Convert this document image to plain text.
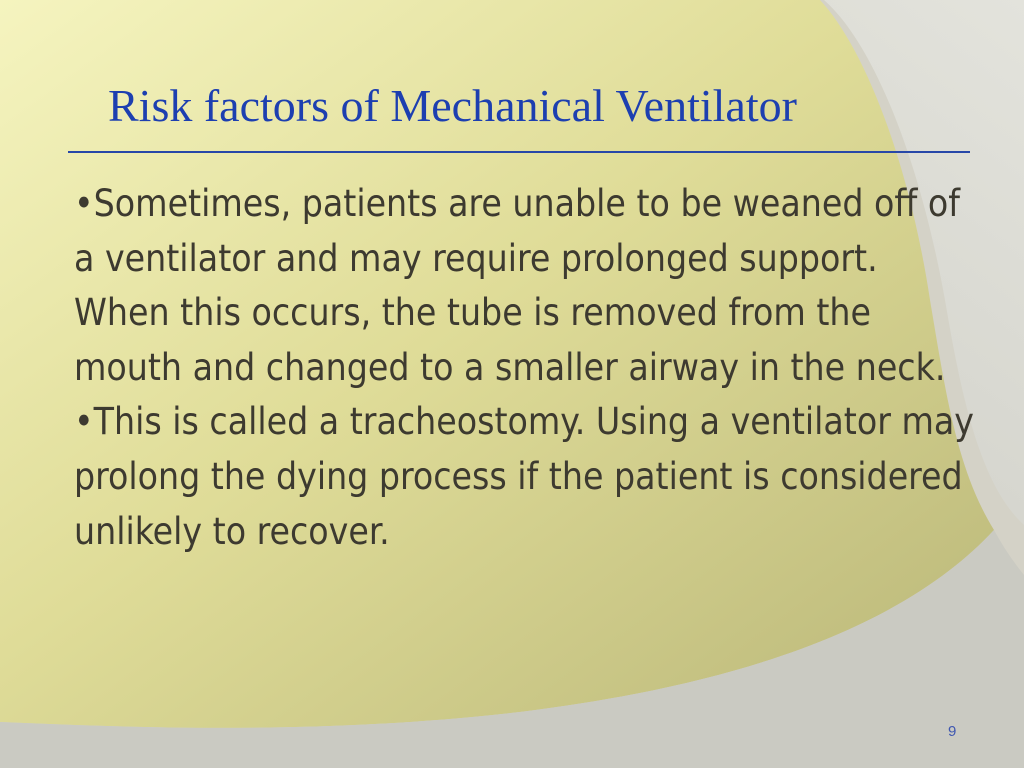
Risk factors of Mechanical Ventilator

•Sometimes, patients are unable to be weaned off of a ventilator and may require prolonged support. When this occurs, the tube is removed from the mouth and changed to a smaller airway in the neck.

•This is called a tracheostomy. Using a ventilator may prolong the dying process if the patient is considered unlikely to recover.

9
